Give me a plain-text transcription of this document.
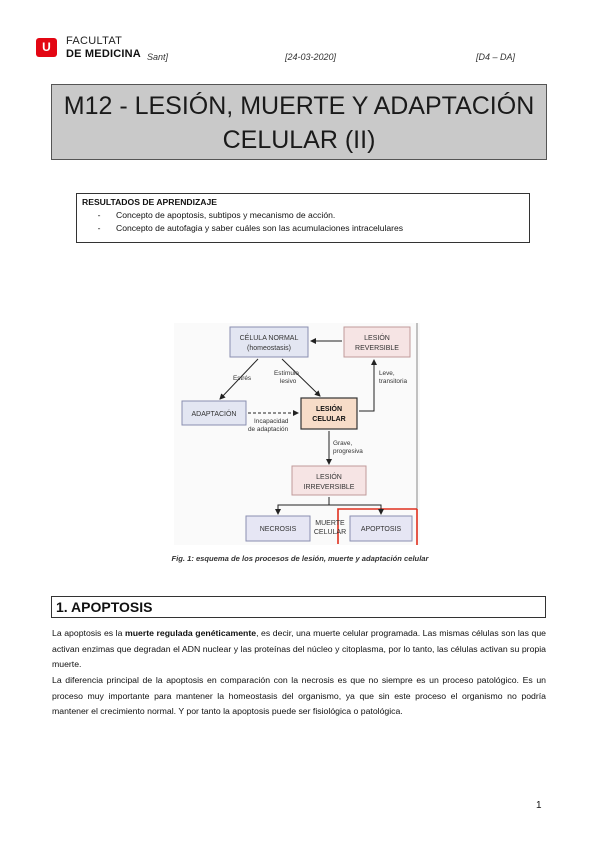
U	FACULTAT
DE MEDICINA Sant]	[24-03-2020]	[D4 – DA]
M12 - LESIÓN, MUERTE Y ADAPTACIÓN
CELULAR (II)
RESULTADOS DE APRENDIZAJE
-	Concepto de apoptosis, subtipos y mecanismo de acción.
-	Concepto de autofagia y saber cuáles son las acumulaciones intracelulares
CÉLULA NORMAL
(homeostasis)
LESIÓN
REVERSIBLE
ADAPTACIÓN
LESIÓN
CELULAR
LESIÓN
IRREVERSIBLE
NECROSIS	APOPTOSIS
MUERTE
CELULAR
Estrés
Estímulo
lesivo
Leve,
transitoria
Incapacidad
de adaptación
Grave,
progresiva
Fig. 1: esquema de los procesos de lesión, muerte y adaptación celular
1. APOPTOSIS
La apoptosis es la muerte regulada genéticamente, es decir, una muerte celular programada. Las mismas células son las que activan enzimas que degradan el ADN nuclear y las proteínas del núcleo y citoplasma, por lo tanto, las células activan su propia muerte.
La diferencia principal de la apoptosis en comparación con la necrosis es que no siempre es un proceso patológico. Es un proceso muy importante para mantener la homeostasis del organismo, ya que sin este proceso el organismo no podría mantener el crecimiento normal. Y por tanto la apoptosis puede ser fisiológica o patológica.
1
